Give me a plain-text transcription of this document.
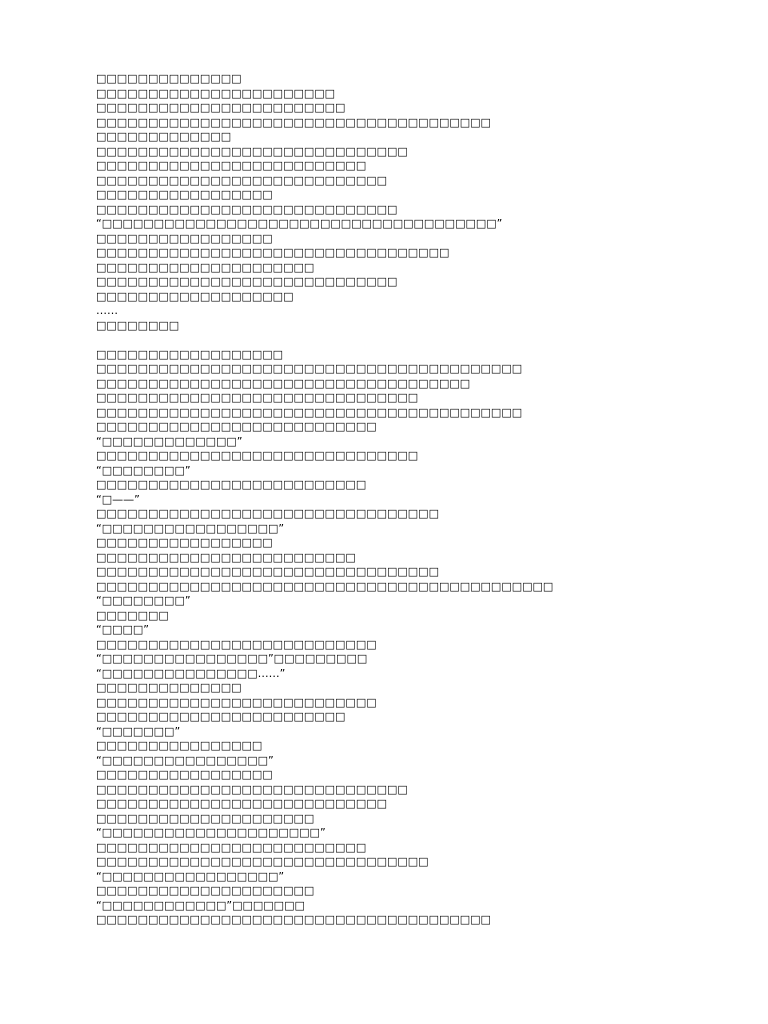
□□□□□□□□□□□□□□
□□□□□□□□□□□□□□□□□□□□□□□
□□□□□□□□□□□□□□□□□□□□□□□□
□□□□□□□□□□□□□□□□□□□□□□□□□□□□□□□□□□□□□□
□□□□□□□□□□□□□
□□□□□□□□□□□□□□□□□□□□□□□□□□□□□□
□□□□□□□□□□□□□□□□□□□□□□□□□□
□□□□□□□□□□□□□□□□□□□□□□□□□□□□
□□□□□□□□□□□□□□□□□
□□□□□□□□□□□□□□□□□□□□□□□□□□□□□
“□□□□□□□□□□□□□□□□□□□□□□□□□□□□□□□□□□□□□□”
□□□□□□□□□□□□□□□□□
□□□□□□□□□□□□□□□□□□□□□□□□□□□□□□□□□□
□□□□□□□□□□□□□□□□□□□□□
□□□□□□□□□□□□□□□□□□□□□□□□□□□□□
□□□□□□□□□□□□□□□□□□□
……
□□□□□□□□
□□□□□□□□□□□□□□□□□□
□□□□□□□□□□□□□□□□□□□□□□□□□□□□□□□□□□□□□□□□□
□□□□□□□□□□□□□□□□□□□□□□□□□□□□□□□□□□□□
□□□□□□□□□□□□□□□□□□□□□□□□□□□□□□□
□□□□□□□□□□□□□□□□□□□□□□□□□□□□□□□□□□□□□□□□□
□□□□□□□□□□□□□□□□□□□□□□□□□□□
“□□□□□□□□□□□□□”
□□□□□□□□□□□□□□□□□□□□□□□□□□□□□□□
“□□□□□□□□”
□□□□□□□□□□□□□□□□□□□□□□□□□□
“□——”
□□□□□□□□□□□□□□□□□□□□□□□□□□□□□□□□□
“□□□□□□□□□□□□□□□□□”
□□□□□□□□□□□□□□□□□
□□□□□□□□□□□□□□□□□□□□□□□□□
□□□□□□□□□□□□□□□□□□□□□□□□□□□□□□□□□
□□□□□□□□□□□□□□□□□□□□□□□□□□□□□□□□□□□□□□□□□□□□
“□□□□□□□□”
□□□□□□□
“□□□□”
□□□□□□□□□□□□□□□□□□□□□□□□□□□
“□□□□□□□□□□□□□□□□”□□□□□□□□□
“□□□□□□□□□□□□□□□……”
□□□□□□□□□□□□□□
□□□□□□□□□□□□□□□□□□□□□□□□□□□
□□□□□□□□□□□□□□□□□□□□□□□□
“□□□□□□□”
□□□□□□□□□□□□□□□□
“□□□□□□□□□□□□□□□□”
□□□□□□□□□□□□□□□□□
□□□□□□□□□□□□□□□□□□□□□□□□□□□□□□
□□□□□□□□□□□□□□□□□□□□□□□□□□□□
□□□□□□□□□□□□□□□□□□□□□
“□□□□□□□□□□□□□□□□□□□□□”
□□□□□□□□□□□□□□□□□□□□□□□□□□
□□□□□□□□□□□□□□□□□□□□□□□□□□□□□□□□
“□□□□□□□□□□□□□□□□□”
□□□□□□□□□□□□□□□□□□□□□
“□□□□□□□□□□□□”□□□□□□□
□□□□□□□□□□□□□□□□□□□□□□□□□□□□□□□□□□□□□□
